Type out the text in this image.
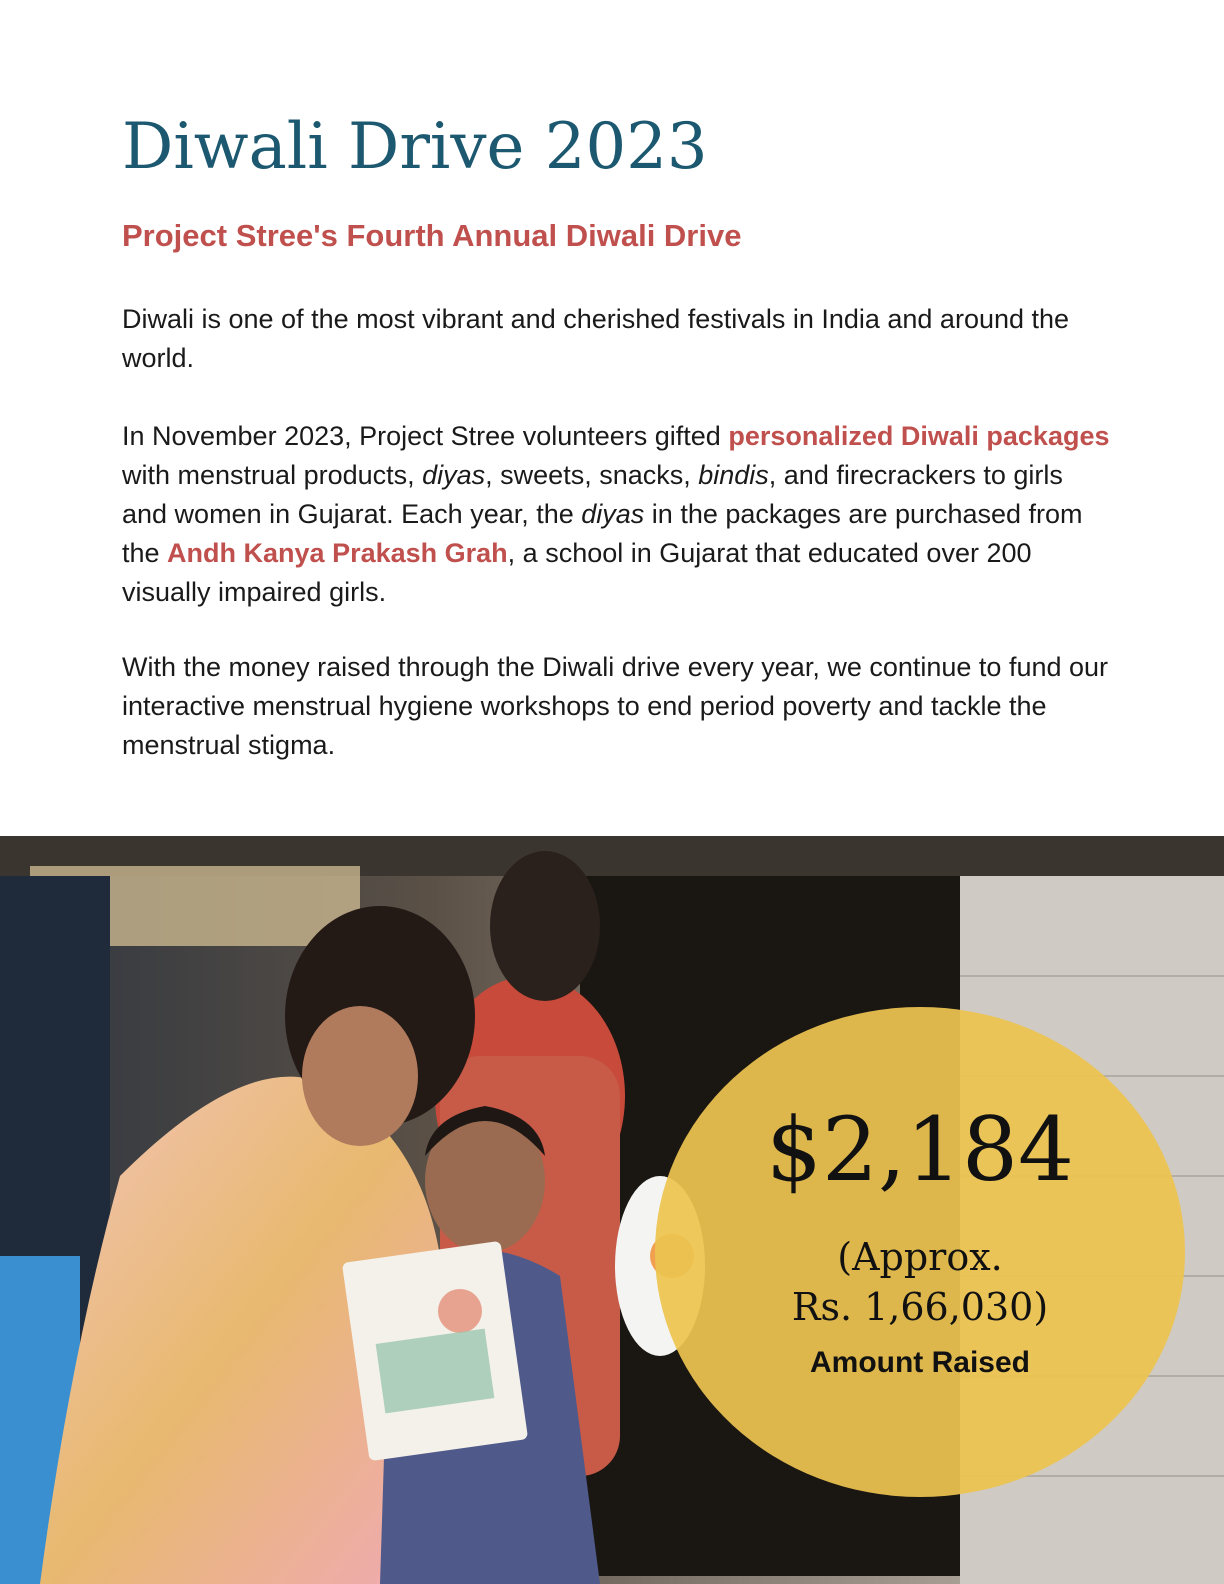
Diwali Drive 2023
Project Stree's Fourth Annual Diwali Drive

Diwali is one of the most vibrant and cherished festivals in India and around the world.

In November 2023, Project Stree volunteers gifted personalized Diwali packages with menstrual products, diyas, sweets, snacks, bindis, and firecrackers to girls and women in Gujarat. Each year, the diyas in the packages are purchased from the Andh Kanya Prakash Grah, a school in Gujarat that educated over 200 visually impaired girls.

With the money raised through the Diwali drive every year, we continue to fund our interactive menstrual hygiene workshops to end period poverty and tackle the menstrual stigma.

$2,184
(Approx.
Rs. 1,66,030)
Amount Raised
